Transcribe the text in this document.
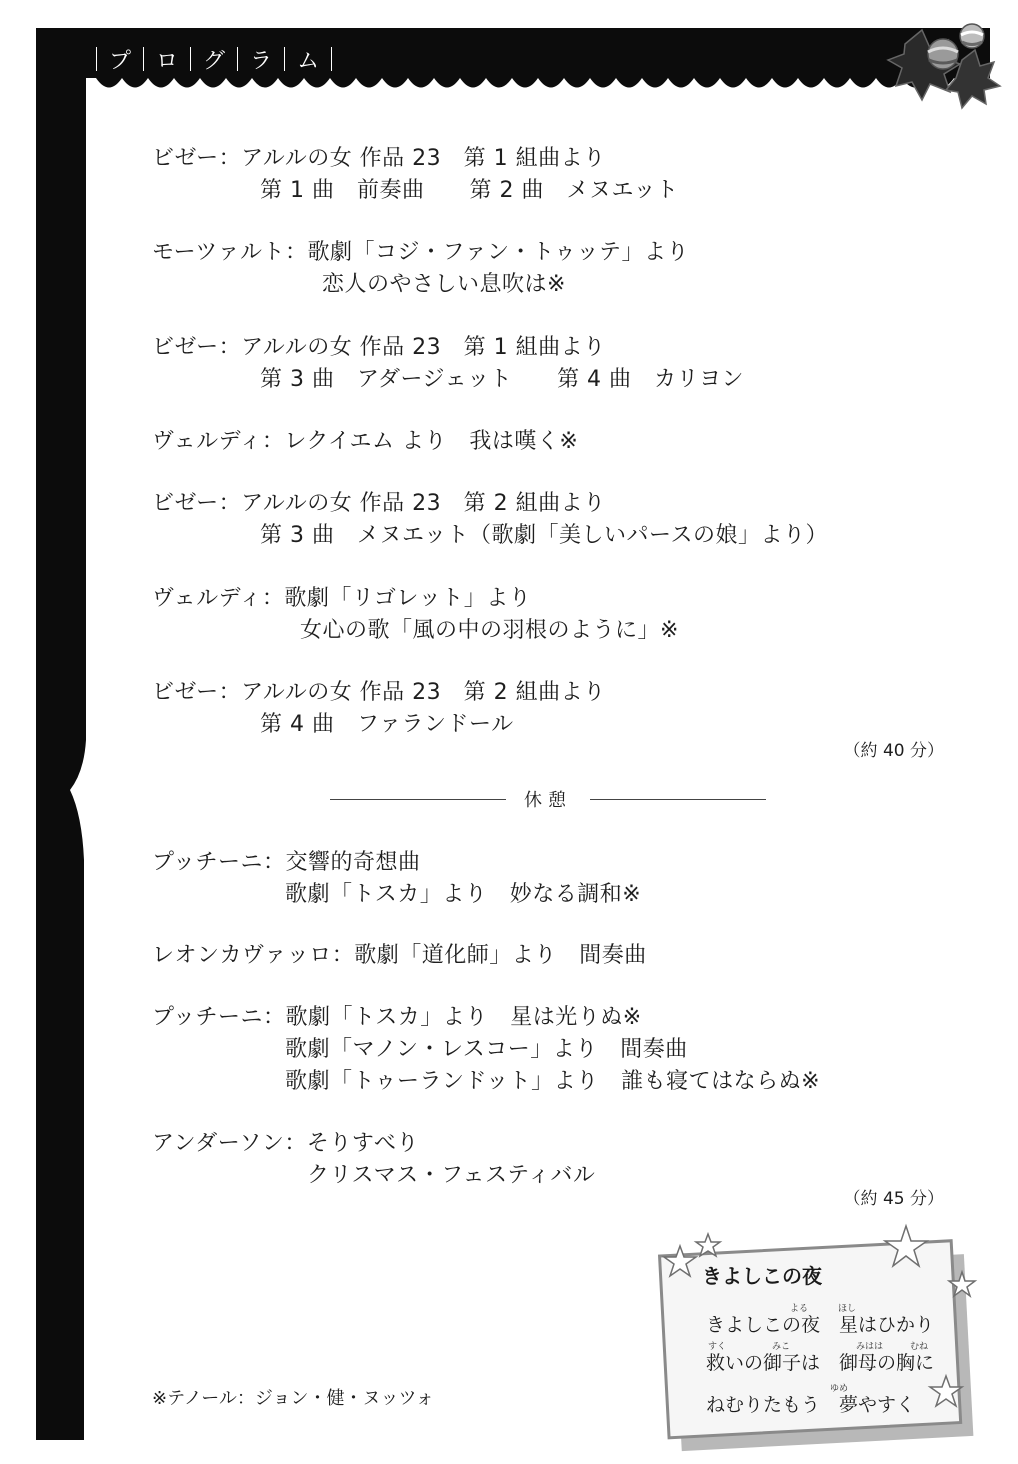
プ ロ グ ラ ム
ビゼー：アルルの女 作品 23　第 1 組曲より
第 1 曲　前奏曲　　第 2 曲　メヌエット
モーツァルト：歌劇「コジ・ファン・トゥッテ」より
恋人のやさしい息吹は※
ビゼー：アルルの女 作品 23　第 1 組曲より
第 3 曲　アダージェット　　第 4 曲　カリヨン
ヴェルディ：レクイエム より　我は嘆く※
ビゼー：アルルの女 作品 23　第 2 組曲より
第 3 曲　メヌエット（歌劇「美しいパースの娘」より）
ヴェルディ：歌劇「リゴレット」より
女心の歌「風の中の羽根のように」※
ビゼー：アルルの女 作品 23　第 2 組曲より
第 4 曲　ファランドール
（約 40 分）
休憩
プッチーニ：交響的奇想曲
歌劇「トスカ」より　妙なる調和※
レオンカヴァッロ：歌劇「道化師」より　間奏曲
プッチーニ：歌劇「トスカ」より　星は光りぬ※
歌劇「マノン・レスコー」より　間奏曲
歌劇「トゥーランドット」より　誰も寝てはならぬ※
アンダーソン：そりすべり
クリスマス・フェスティバル
（約 45 分）
※テノール：ジョン・健・ヌッツォ
きよしこの夜
よる	ほし
きよしこの夜　星はひかり
すく	みこ	みはは	むね
救いの御子は　御母の胸に
ゆめ
ねむりたもう　夢やすく
